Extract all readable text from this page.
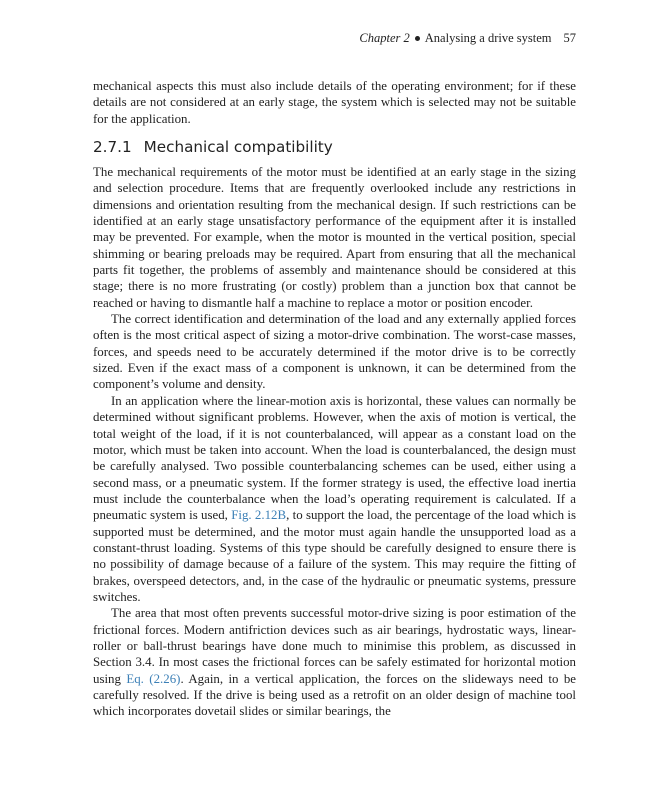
Chapter 2 Analysing a drive system 57

mechanical aspects this must also include details of the operating environment; for if these details are not considered at an early stage, the system which is selected may not be suitable for the application.

2.7.1 Mechanical compatibility

The mechanical requirements of the motor must be identified at an early stage in the sizing and selection procedure. Items that are frequently overlooked include any restrictions in dimensions and orientation resulting from the mechanical design. If such restrictions can be identified at an early stage unsatisfactory performance of the equipment after it is installed may be prevented. For example, when the motor is mounted in the vertical position, special shimming or bearing preloads may be required. Apart from ensuring that all the mechanical parts fit together, the problems of assembly and maintenance should be considered at this stage; there is no more frustrating (or costly) problem than a junction box that cannot be reached or having to dismantle half a machine to replace a motor or position encoder.

The correct identification and determination of the load and any externally applied forces often is the most critical aspect of sizing a motor-drive combination. The worst-case masses, forces, and speeds need to be accurately determined if the motor drive is to be correctly sized. Even if the exact mass of a component is unknown, it can be determined from the component’s volume and density.

In an application where the linear-motion axis is horizontal, these values can normally be determined without significant problems. However, when the axis of motion is vertical, the total weight of the load, if it is not counterbalanced, will appear as a constant load on the motor, which must be taken into account. When the load is counterbalanced, the design must be carefully analysed. Two possible counterbalancing schemes can be used, either using a second mass, or a pneumatic system. If the former strategy is used, the effective load inertia must include the counterbalance when the load’s operating requirement is calculated. If a pneumatic system is used, Fig. 2.12B, to support the load, the percentage of the load which is supported must be determined, and the motor must again handle the unsupported load as a constant-thrust loading. Systems of this type should be carefully designed to ensure there is no possibility of damage because of a failure of the system. This may require the fitting of brakes, overspeed detectors, and, in the case of the hydraulic or pneumatic systems, pressure switches.

The area that most often prevents successful motor-drive sizing is poor estimation of the frictional forces. Modern antifriction devices such as air bearings, hydrostatic ways, linear-roller or ball-thrust bearings have done much to minimise this problem, as discussed in Section 3.4. In most cases the frictional forces can be safely estimated for horizontal motion using Eq. (2.26). Again, in a vertical application, the forces on the slideways need to be carefully resolved. If the drive is being used as a retrofit on an older design of machine tool which incorporates dovetail slides or similar bearings, the
